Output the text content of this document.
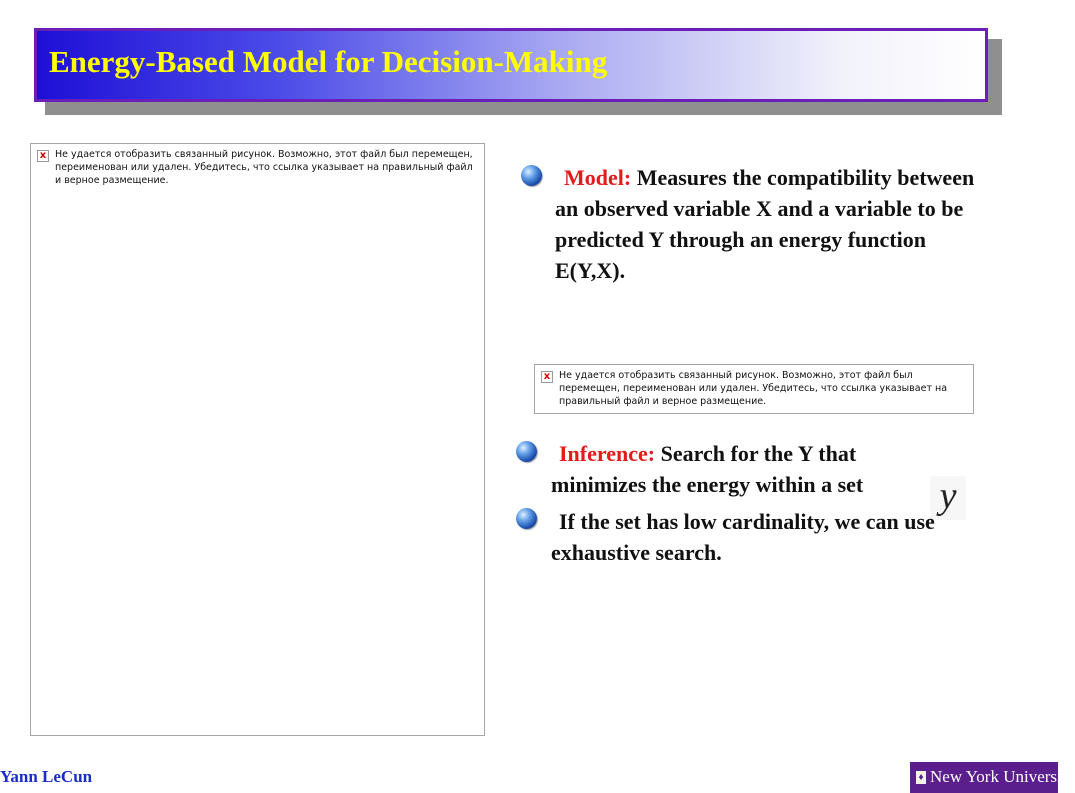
Energy-Based Model for Decision-Making
x Не удается отобразить связанный рисунок. Возможно, этот файл был перемещен, переименован или удален. Убедитесь, что ссылка указывает на правильный файл и верное размещение.	Model: Measures the compatibility between an observed variable X and a variable to be predicted Y through an energy function E(Y,X).
x Не удается отобразить связанный рисунок. Возможно, этот файл был перемещен, переименован или удален. Убедитесь, что ссылка указывает на правильный файл и верное размещение.
Inference: Search for the Y that minimizes the energy within a set	y
If the set has low cardinality, we can use exhaustive search.
Yann LeCun	♦ New York University
